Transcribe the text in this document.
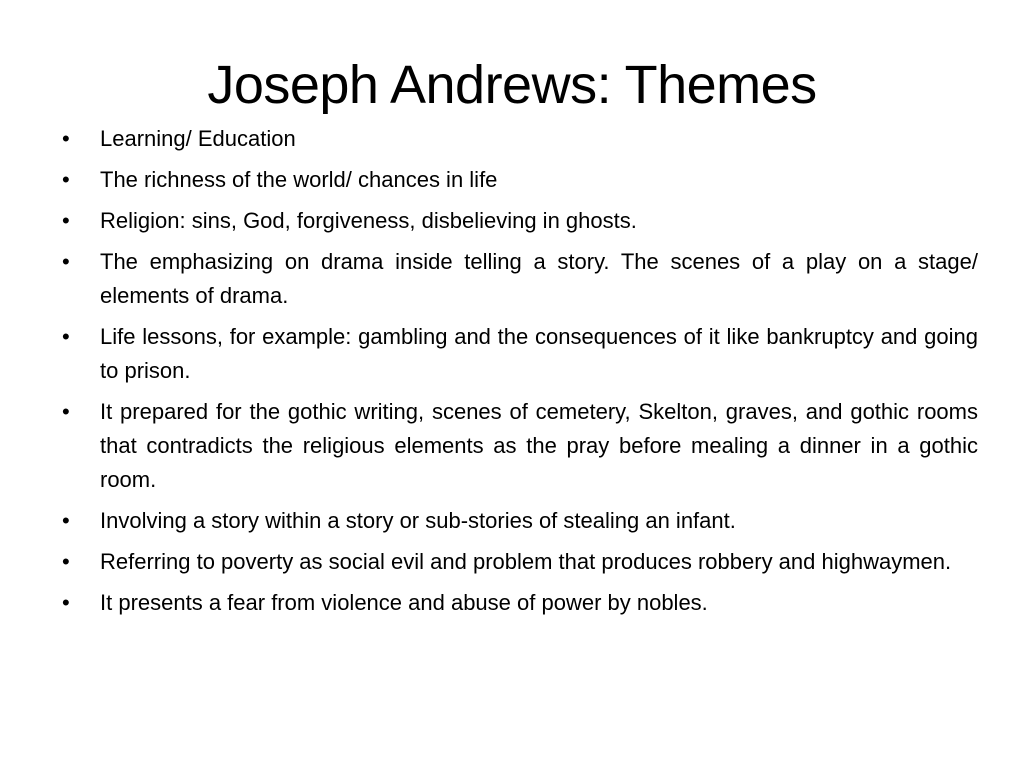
Joseph Andrews: Themes
•	Learning/ Education
•	The richness of the world/ chances in life
•	Religion: sins, God, forgiveness, disbelieving in ghosts.
•	The emphasizing on drama inside telling a story. The scenes of a play on a stage/ elements of drama.
•	Life lessons, for example: gambling and the consequences of it like bankruptcy and going to prison.
•	It prepared for the gothic writing, scenes of cemetery, Skelton, graves, and gothic rooms that contradicts the religious elements as the pray before mealing a dinner in a gothic room.
•	Involving a story within a story or sub-stories of stealing an infant.
•	Referring to poverty as social evil and problem that produces robbery and highwaymen.
•	It presents a fear from violence and abuse of power by nobles.
